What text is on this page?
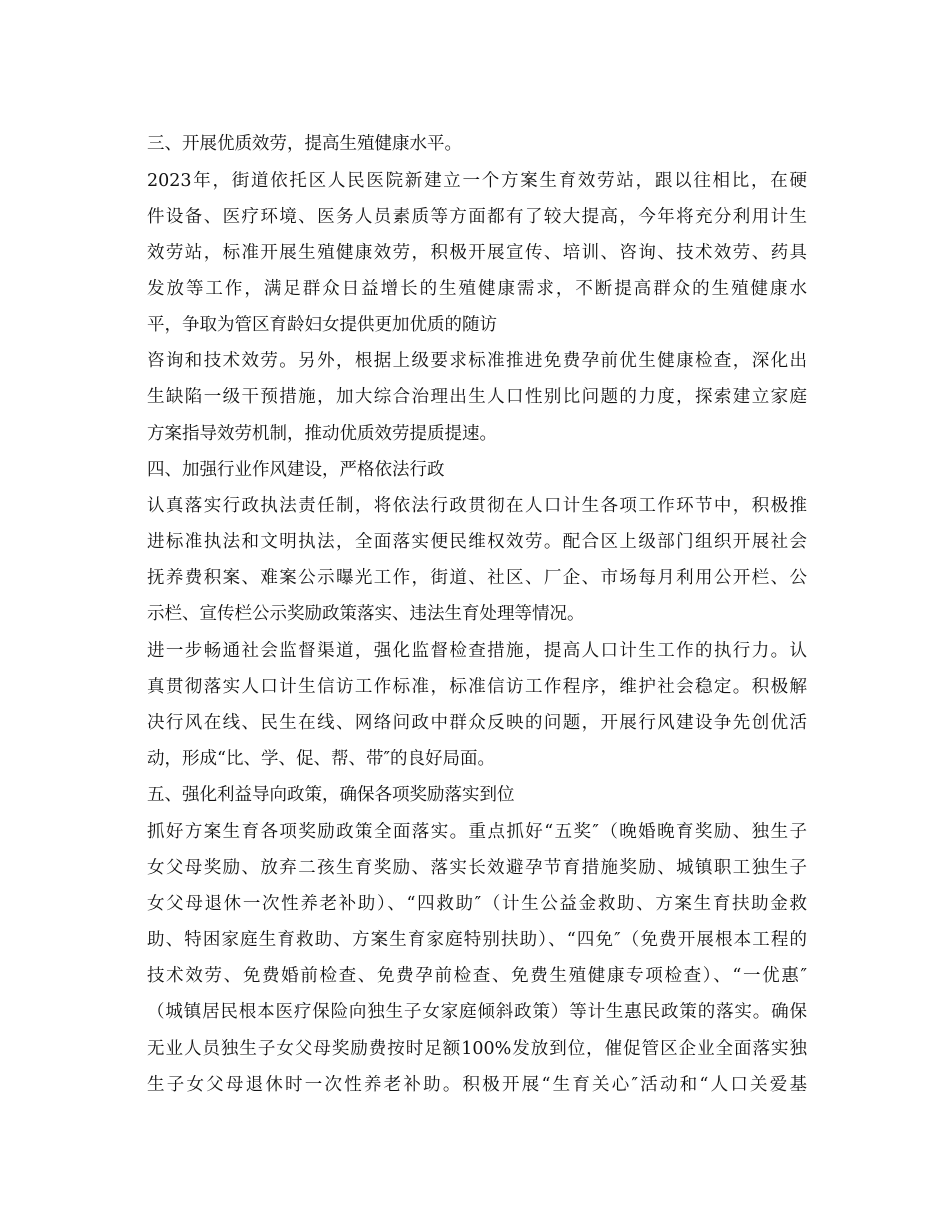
三、开展优质效劳，提高生殖健康水平。
2023年，街道依托区人民医院新建立一个方案生育效劳站，跟以往相比，在硬
件设备、医疗环境、医务人员素质等方面都有了较大提高，今年将充分利用计生
效劳站，标准开展生殖健康效劳，积极开展宣传、培训、咨询、技术效劳、药具
发放等工作，满足群众日益增长的生殖健康需求，不断提高群众的生殖健康水
平，争取为管区育龄妇女提供更加优质的随访
咨询和技术效劳。另外，根据上级要求标准推进免费孕前优生健康检查，深化出
生缺陷一级干预措施，加大综合治理出生人口性别比问题的力度，探索建立家庭
方案指导效劳机制，推动优质效劳提质提速。
四、加强行业作风建设，严格依法行政
认真落实行政执法责任制，将依法行政贯彻在人口计生各项工作环节中，积极推
进标准执法和文明执法，全面落实便民维权效劳。配合区上级部门组织开展社会
抚养费积案、难案公示曝光工作，街道、社区、厂企、市场每月利用公开栏、公
示栏、宣传栏公示奖励政策落实、违法生育处理等情况。
进一步畅通社会监督渠道，强化监督检查措施，提高人口计生工作的执行力。认
真贯彻落实人口计生信访工作标准，标准信访工作程序，维护社会稳定。积极解
决行风在线、民生在线、网络问政中群众反映的问题，开展行风建设争先创优活
动，形成“比、学、促、帮、带″的良好局面。
五、强化利益导向政策，确保各项奖励落实到位
抓好方案生育各项奖励政策全面落实。重点抓好“五奖″（晚婚晚育奖励、独生子
女父母奖励、放弃二孩生育奖励、落实长效避孕节育措施奖励、城镇职工独生子
女父母退休一次性养老补助）、“四救助″（计生公益金救助、方案生育扶助金救
助、特困家庭生育救助、方案生育家庭特别扶助）、“四免″（免费开展根本工程的
技术效劳、免费婚前检查、免费孕前检查、免费生殖健康专项检查）、“一优惠″
（城镇居民根本医疗保险向独生子女家庭倾斜政策）等计生惠民政策的落实。确保
无业人员独生子女父母奖励费按时足额100%发放到位，催促管区企业全面落实独
生子女父母退休时一次性养老补助。积极开展“生育关心″活动和“人口关爱基
